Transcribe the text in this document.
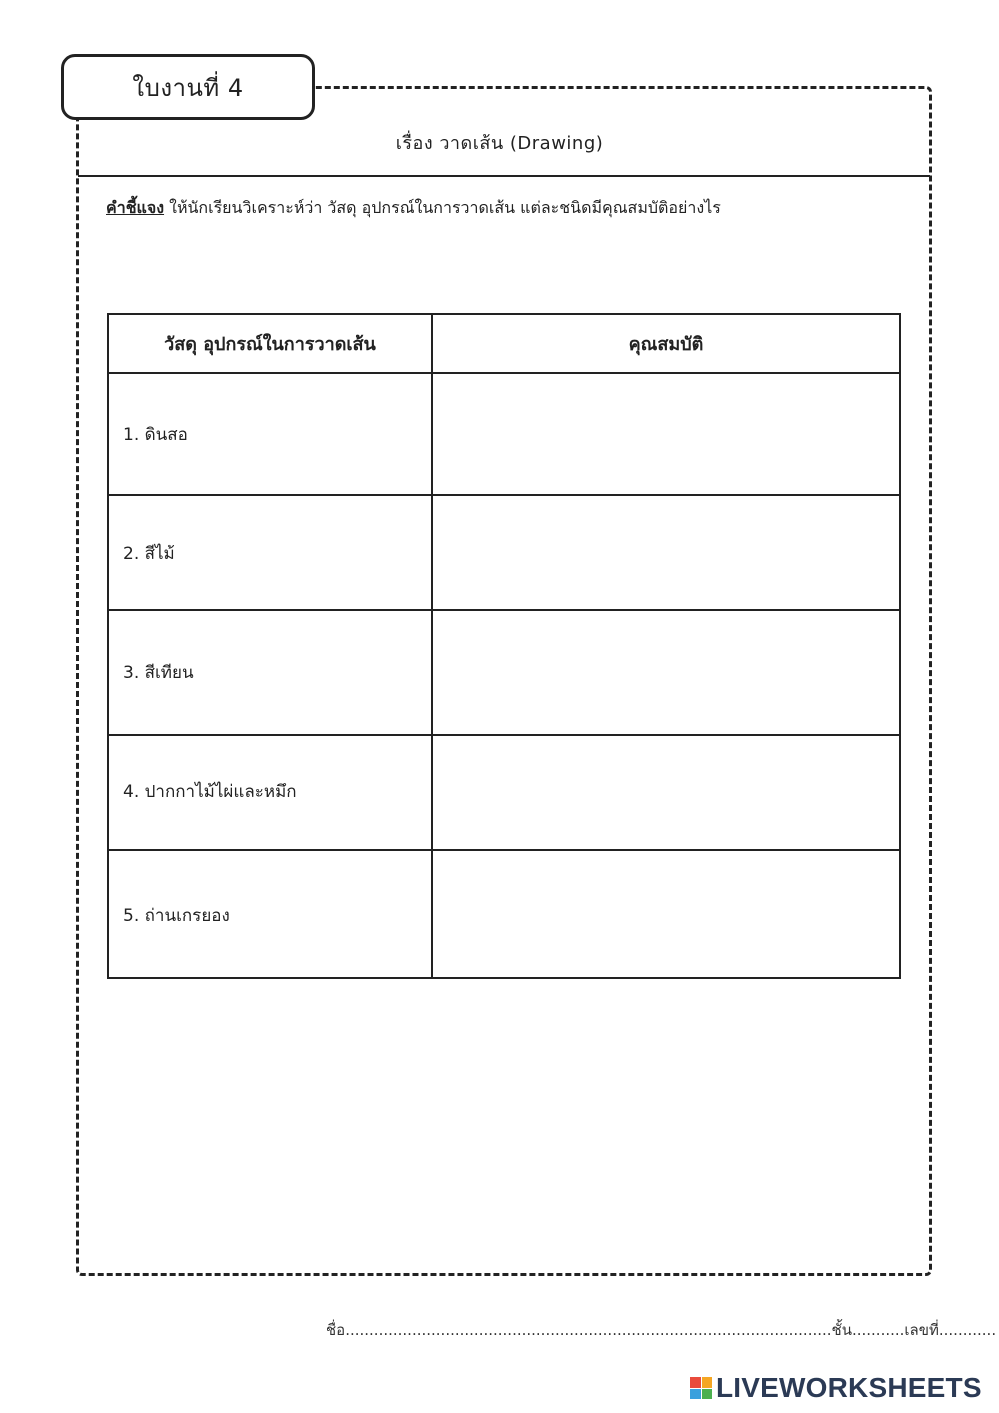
ใบงานที่ 4
เรื่อง วาดเส้น (Drawing)
คำชี้แจง ให้นักเรียนวิเคราะห์ว่า วัสดุ อุปกรณ์ในการวาดเส้น แต่ละชนิดมีคุณสมบัติอย่างไร
วัสดุ อุปกรณ์ในการวาดเส้น	คุณสมบัติ
1. ดินสอ
2. สีไม้
3. สีเทียน
4. ปากกาไม้ไผ่และหมึก
5. ถ่านเกรยอง
ชื่อ......................................................................................................ชั้น...........เลขที่............
LIVEWORKSHEETS
